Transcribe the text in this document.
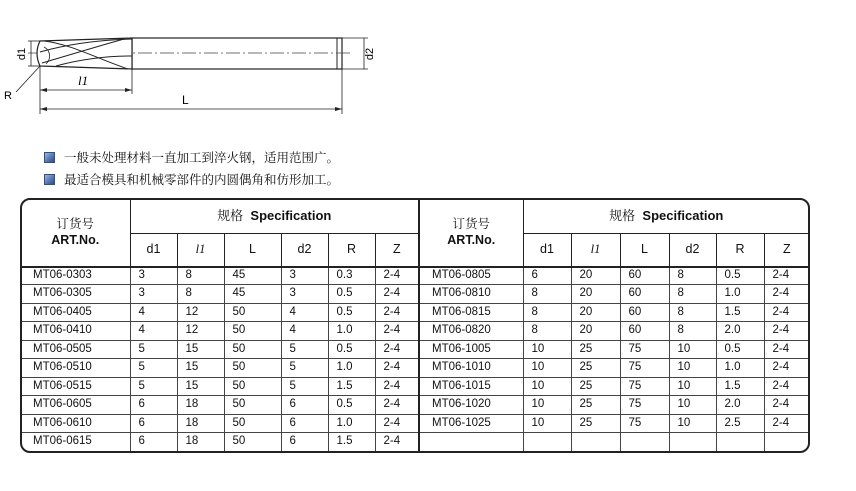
d1	d2
l1
L
R
一般未处理材料一直加工到淬火钢，适用范围广。
最适合模具和机械零部件的内圆偶角和仿形加工。
订货号
ART.No.	规格 Specification					
	d1	l1	L	d2	R	Z
MT06-0303	3	8	45	3	0.3	2-4
MT06-0305	3	8	45	3	0.5	2-4
MT06-0405	4	12	50	4	0.5	2-4
MT06-0410	4	12	50	4	1.0	2-4
MT06-0505	5	15	50	5	0.5	2-4
MT06-0510	5	15	50	5	1.0	2-4
MT06-0515	5	15	50	5	1.5	2-4
MT06-0605	6	18	50	6	0.5	2-4
MT06-0610	6	18	50	6	1.0	2-4
MT06-0615	6	18	50	6	1.5	2-4
订货号
ART.No.	规格 Specification					
	d1	l1	L	d2	R	Z
MT06-0805	6	20	60	8	0.5	2-4
MT06-0810	8	20	60	8	1.0	2-4
MT06-0815	8	20	60	8	1.5	2-4
MT06-0820	8	20	60	8	2.0	2-4
MT06-1005	10	25	75	10	0.5	2-4
MT06-1010	10	25	75	10	1.0	2-4
MT06-1015	10	25	75	10	1.5	2-4
MT06-1020	10	25	75	10	2.0	2-4
MT06-1025	10	25	75	10	2.5	2-4
